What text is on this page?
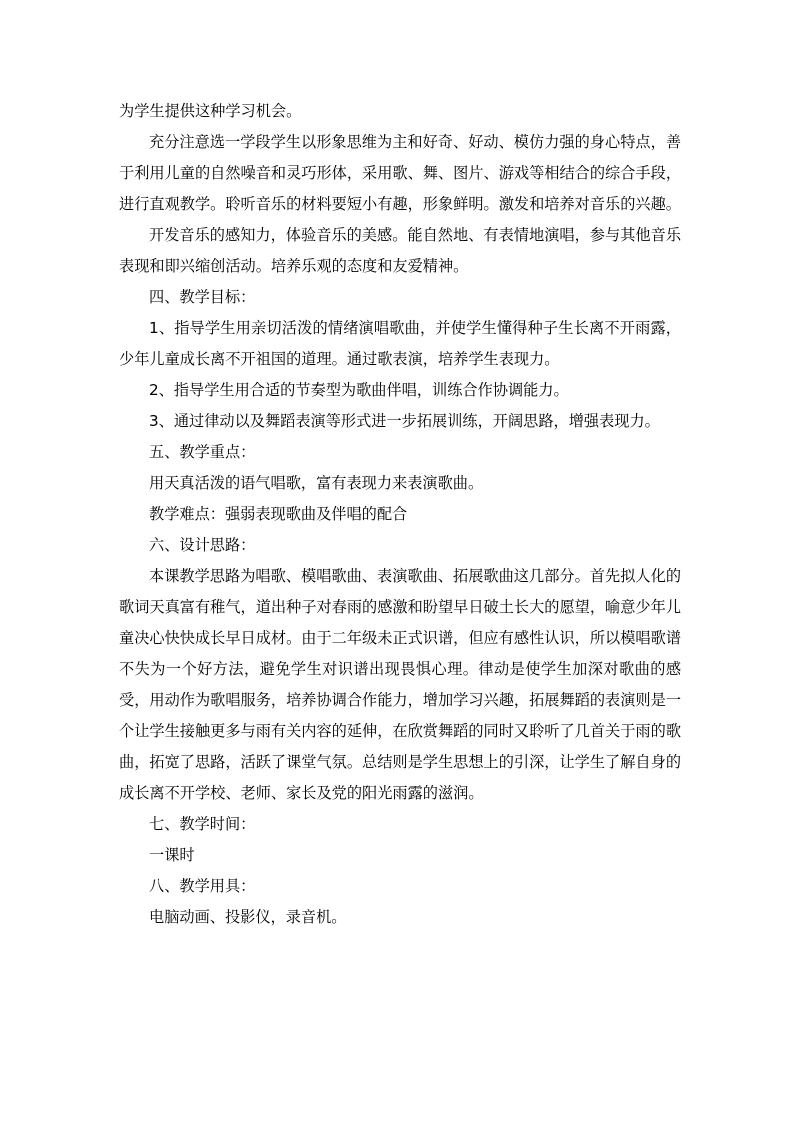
为学生提供这种学习机会。

充分注意选一学段学生以形象思维为主和好奇、好动、模仿力强的身心特点，善于利用儿童的自然噪音和灵巧形体，采用歌、舞、图片、游戏等相结合的综合手段，进行直观教学。聆听音乐的材料要短小有趣，形象鲜明。激发和培养对音乐的兴趣。

开发音乐的感知力，体验音乐的美感。能自然地、有表情地演唱，参与其他音乐表现和即兴缩创活动。培养乐观的态度和友爱精神。

四、教学目标：

1、指导学生用亲切活泼的情绪演唱歌曲，并使学生懂得种子生长离不开雨露，少年儿童成长离不开祖国的道理。通过歌表演，培养学生表现力。

2、指导学生用合适的节奏型为歌曲伴唱，训练合作协调能力。

3、通过律动以及舞蹈表演等形式进一步拓展训练，开阔思路，增强表现力。

五、教学重点：

用天真活泼的语气唱歌，富有表现力来表演歌曲。

教学难点：强弱表现歌曲及伴唱的配合

六、设计思路：

本课教学思路为唱歌、模唱歌曲、表演歌曲、拓展歌曲这几部分。首先拟人化的歌词天真富有稚气，道出种子对春雨的感激和盼望早日破土长大的愿望，喻意少年儿童决心快快成长早日成材。由于二年级未正式识谱，但应有感性认识，所以模唱歌谱不失为一个好方法，避免学生对识谱出现畏惧心理。律动是使学生加深对歌曲的感受，用动作为歌唱服务，培养协调合作能力，增加学习兴趣，拓展舞蹈的表演则是一个让学生接触更多与雨有关内容的延伸，在欣赏舞蹈的同时又聆听了几首关于雨的歌曲，拓宽了思路，活跃了课堂气氛。总结则是学生思想上的引深，让学生了解自身的成长离不开学校、老师、家长及党的阳光雨露的滋润。

七、教学时间：

一课时

八、教学用具：

电脑动画、投影仪，录音机。
